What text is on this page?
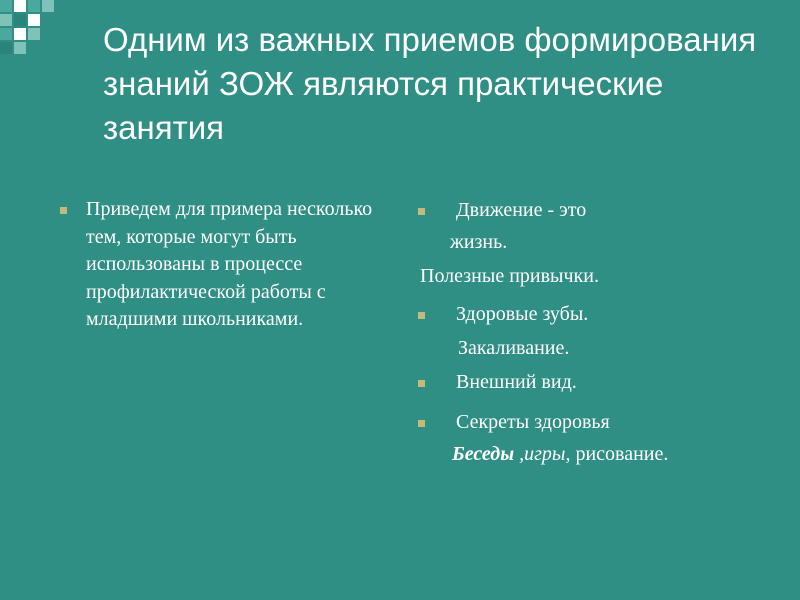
Одним из важных приемов формирования знаний ЗОЖ являются практические занятия
Приведем для примера несколько тем, которые могут быть использованы в процессе профилактической работы с младшими школьниками.
Движение - это
жизнь.
Полезные привычки.
Здоровые зубы.
Закаливание.
Внешний вид.
Секреты здоровья
Беседы ,игры, рисование.
